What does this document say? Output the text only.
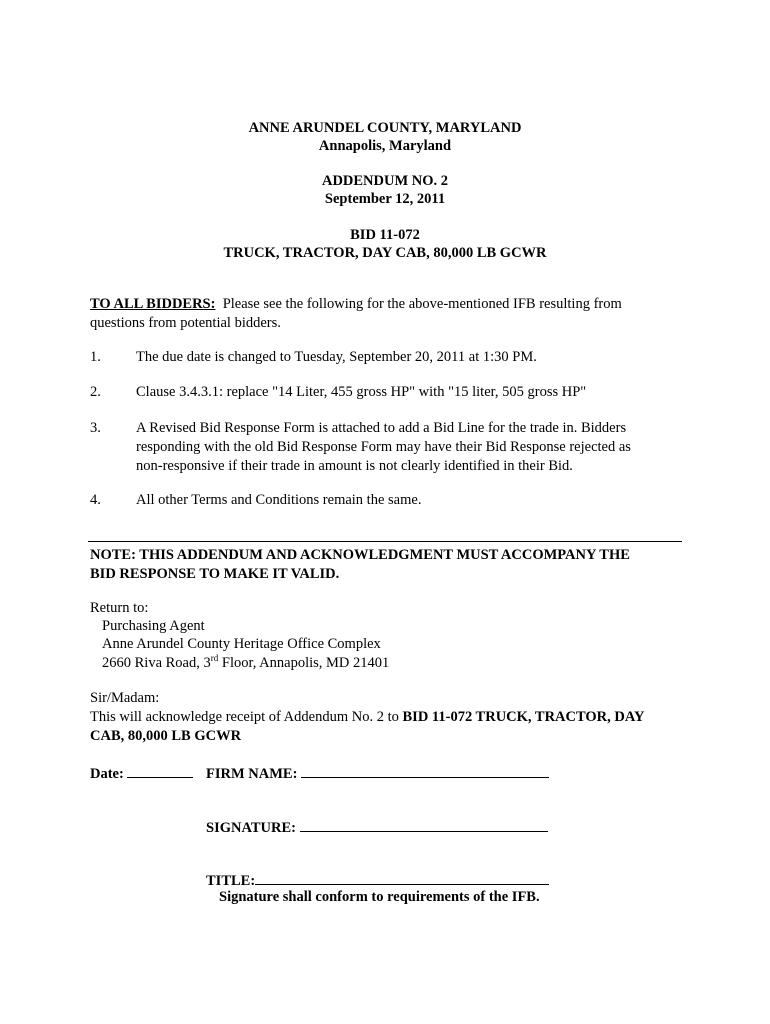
ANNE ARUNDEL COUNTY, MARYLAND
Annapolis, Maryland
ADDENDUM NO. 2
September 12, 2011
BID 11-072
TRUCK, TRACTOR, DAY CAB, 80,000 LB GCWR
TO ALL BIDDERS: Please see the following for the above-mentioned IFB resulting from
questions from potential bidders.
1. The due date is changed to Tuesday, September 20, 2011 at 1:30 PM.
2. Clause 3.4.3.1: replace "14 Liter, 455 gross HP" with "15 liter, 505 gross HP"
3. A Revised Bid Response Form is attached to add a Bid Line for the trade in. Bidders
responding with the old Bid Response Form may have their Bid Response rejected as
non-responsive if their trade in amount is not clearly identified in their Bid.
4. All other Terms and Conditions remain the same.
NOTE: THIS ADDENDUM AND ACKNOWLEDGMENT MUST ACCOMPANY THE
BID RESPONSE TO MAKE IT VALID.
Return to:
Purchasing Agent
Anne Arundel County Heritage Office Complex
2660 Riva Road, 3rd Floor, Annapolis, MD 21401
Sir/Madam:
This will acknowledge receipt of Addendum No. 2 to BID 11-072 TRUCK, TRACTOR, DAY
CAB, 80,000 LB GCWR
Date:	FIRM NAME:
SIGNATURE:
TITLE:
Signature shall conform to requirements of the IFB.
